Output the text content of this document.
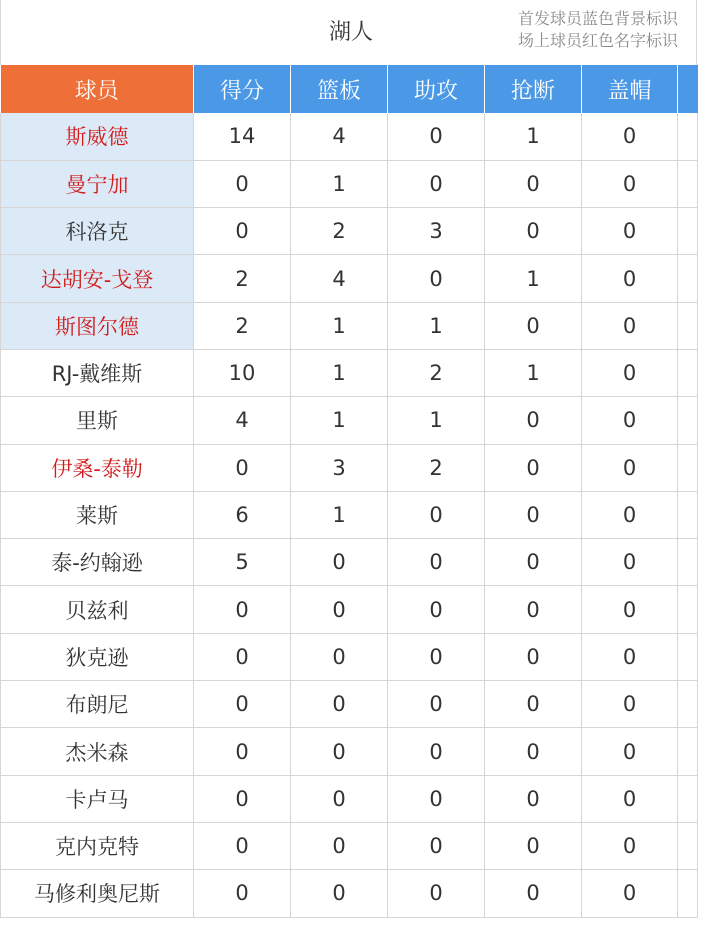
湖人
首发球员蓝色背景标识
场上球员红色名字标识
球员	得分	篮板	助攻	抢断	盖帽	
斯威德	14	4	0	1	0	
曼宁加	0	1	0	0	0	
科洛克	0	2	3	0	0	
达胡安-戈登	2	4	0	1	0	
斯图尔德	2	1	1	0	0	
RJ-戴维斯	10	1	2	1	0	
里斯	4	1	1	0	0	
伊桑-泰勒	0	3	2	0	0	
莱斯	6	1	0	0	0	
泰-约翰逊	5	0	0	0	0	
贝兹利	0	0	0	0	0	
狄克逊	0	0	0	0	0	
布朗尼	0	0	0	0	0	
杰米森	0	0	0	0	0	
卡卢马	0	0	0	0	0	
克内克特	0	0	0	0	0	
马修利奥尼斯	0	0	0	0	0	
